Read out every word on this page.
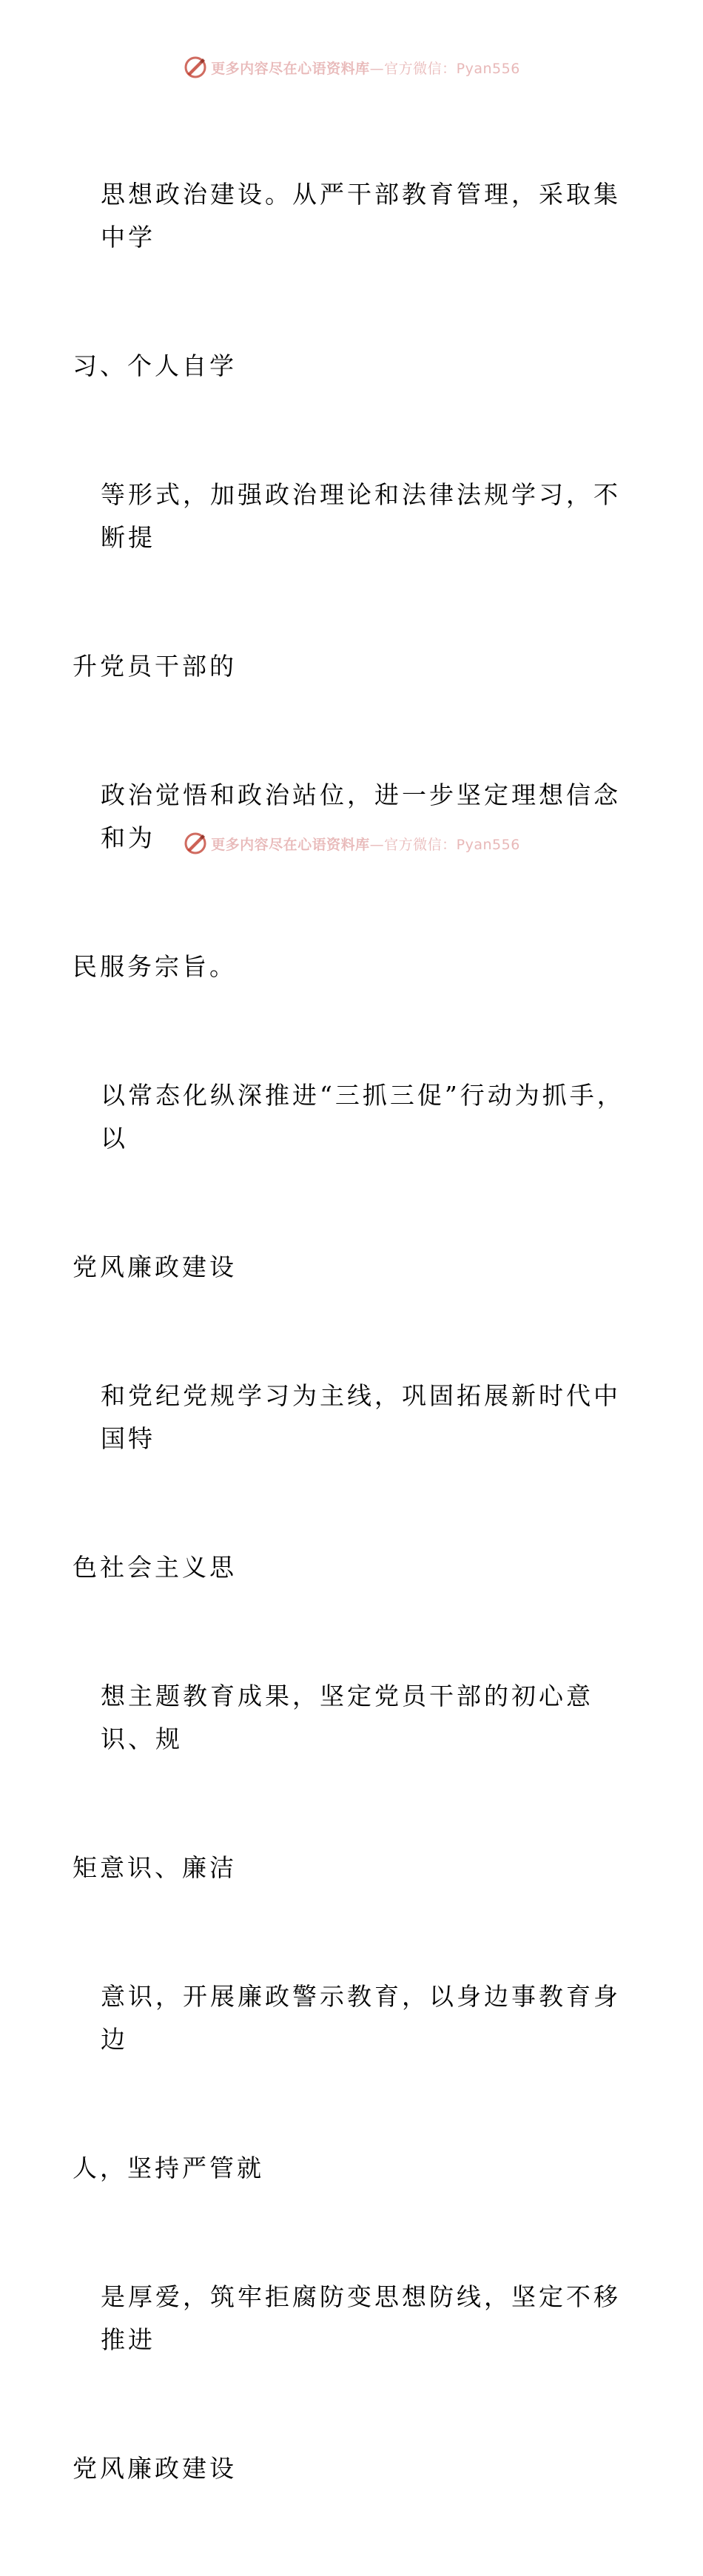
更多内容尽在心语资料库—官方微信：Pyan556

思想政治建设。从严干部教育管理，采取集中学

习、个人自学

等形式，加强政治理论和法律法规学习，不断提

升党员干部的

政治觉悟和政治站位，进一步坚定理想信念和为

民服务宗旨。

以常态化纵深推进“三抓三促”行动为抓手，以

党风廉政建设

和党纪党规学习为主线，巩固拓展新时代中国特

色社会主义思

想主题教育成果，坚定党员干部的初心意识、规

矩意识、廉洁

意识，开展廉政警示教育，以身边事教育身边

人，坚持严管就

是厚爱，筑牢拒腐防变思想防线，坚定不移推进

党风廉政建设

更多内容尽在心语资料库—官方微信：Pyan556
